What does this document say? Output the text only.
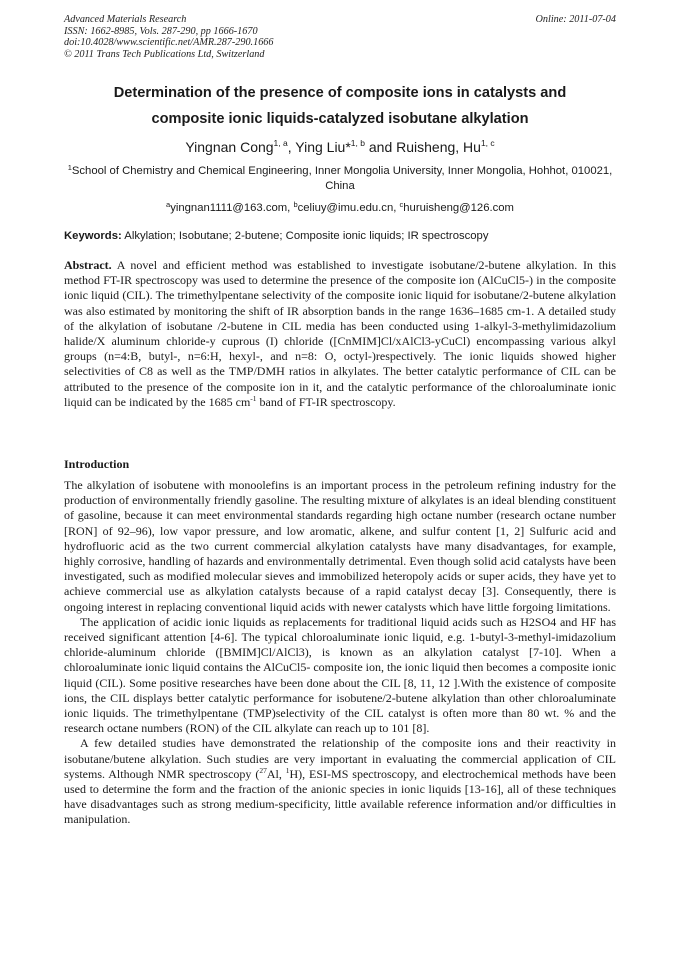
Advanced Materials Research
ISSN: 1662-8985, Vols. 287-290, pp 1666-1670
doi:10.4028/www.scientific.net/AMR.287-290.1666
© 2011 Trans Tech Publications Ltd, Switzerland
Online: 2011-07-04
Determination of the presence of composite ions in catalysts and
composite ionic liquids-catalyzed isobutane alkylation
Yingnan Cong$^{1, a}$, Ying Liu*$^{1, b}$ and Ruisheng, Hu$^{1, c}$
$^1$School of Chemistry and Chemical Engineering, Inner Mongolia University, Inner Mongolia, Hohhot, 010021, China
$^a$yingnan1111@163.com, $^b$celiuy@imu.edu.cn, $^c$huruisheng@126.com
Keywords: Alkylation; Isobutane; 2-butene; Composite ionic liquids; IR spectroscopy
Abstract. A novel and efficient method was established to investigate isobutane/2-butene alkylation. In this method FT-IR spectroscopy was used to determine the presence of the composite ion (AlCuCl5-) in the composite ionic liquid (CIL). The trimethylpentane selectivity of the composite ionic liquid for isobutane/2-butene alkylation was also estimated by monitoring the shift of IR absorption bands in the range 1636–1685 cm-1. A detailed study of the alkylation of isobutane /2-butene in CIL media has been conducted using 1-alkyl-3-methylimidazolium halide/X aluminum chloride-y cuprous (I) chloride ([CnMIM]Cl/xAlCl3-yCuCl) encompassing various alkyl groups (n=4:B, butyl-, n=6:H, hexyl-, and n=8: O, octyl-)respectively. The ionic liquids showed higher selectivities of C8 as well as the TMP/DMH ratios in alkylates. The better catalytic performance of CIL can be attributed to the presence of the composite ion in it, and the catalytic performance of the chloroaluminate ionic liquid can be indicated by the 1685 $cm^{-1}$ band of FT-IR spectroscopy.
Introduction

The alkylation of isobutene with monoolefins is an important process in the petroleum refining industry for the production of environmentally friendly gasoline. The resulting mixture of alkylates is an ideal blending constituent of gasoline, because it can meet environmental standards regarding high octane number (research octane number [RON] of 92–96), low vapor pressure, and low aromatic, alkene, and sulfur content [1, 2] Sulfuric acid and hydrofluoric acid as the two current commercial alkylation catalysts have many disadvantages, for example, highly corrosive, handling of hazards and environmentally detrimental. Even though solid acid catalysts have been investigated, such as modified molecular sieves and immobilized heteropoly acids or super acids, they have yet to achieve commercial use as alkylation catalysts because of a rapid catalyst decay [3]. Consequently, there is ongoing interest in replacing conventional liquid acids with newer catalysts which have little forgoing limitations.

The application of acidic ionic liquids as replacements for traditional liquid acids such as H2SO4 and HF has received significant attention [4-6]. The typical chloroaluminate ionic liquid, e.g. 1-butyl-3-methyl-imidazolium chloride-aluminum chloride ([BMIM]Cl/AlCl3), is known as an alkylation catalyst [7-10]. When a chloroaluminate ionic liquid contains the AlCuCl5- composite ion, the ionic liquid then becomes a composite ionic liquid (CIL). Some positive researches have been done about the CIL [8, 11, 12 ].With the existence of composite ions, the CIL displays better catalytic performance for isobutene/2-butene alkylation than other chloroaluminate ionic liquids. The trimethylpentane (TMP)selectivity of the CIL catalyst is often more than 80 wt. % and the research octane numbers (RON) of the CIL alkylate can reach up to 101 [8].

A few detailed studies have demonstrated the relationship of the composite ions and their reactivity in isobutane/butene alkylation. Such studies are very important in evaluating the commercial application of CIL systems. Although NMR spectroscopy ($^{27}$Al, $^1$H), ESI-MS spectroscopy, and electrochemical methods have been used to determine the form and the fraction of the anionic species in ionic liquids [13-16], all of these techniques have disadvantages such as strong medium-specificity, little available reference information and/or difficulties in manipulation.
